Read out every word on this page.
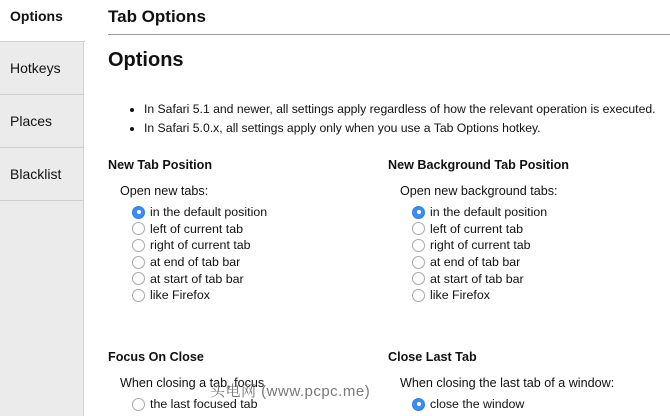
Options
Hotkeys
Places
Blacklist
Tab Options
Options
In Safari 5.1 and newer, all settings apply regardless of how the relevant operation is executed.
In Safari 5.0.x, all settings apply only when you use a Tab Options hotkey.
New Tab Position
Open new tabs:
in the default position
left of current tab
right of current tab
at end of tab bar
at start of tab bar
like Firefox
New Background Tab Position
Open new background tabs:
in the default position
left of current tab
right of current tab
at end of tab bar
at start of tab bar
like Firefox
Focus On Close
When closing a tab, focus
the last focused tab
Close Last Tab
When closing the last tab of a window:
close the window
头电网 (www.pcpc.me)
